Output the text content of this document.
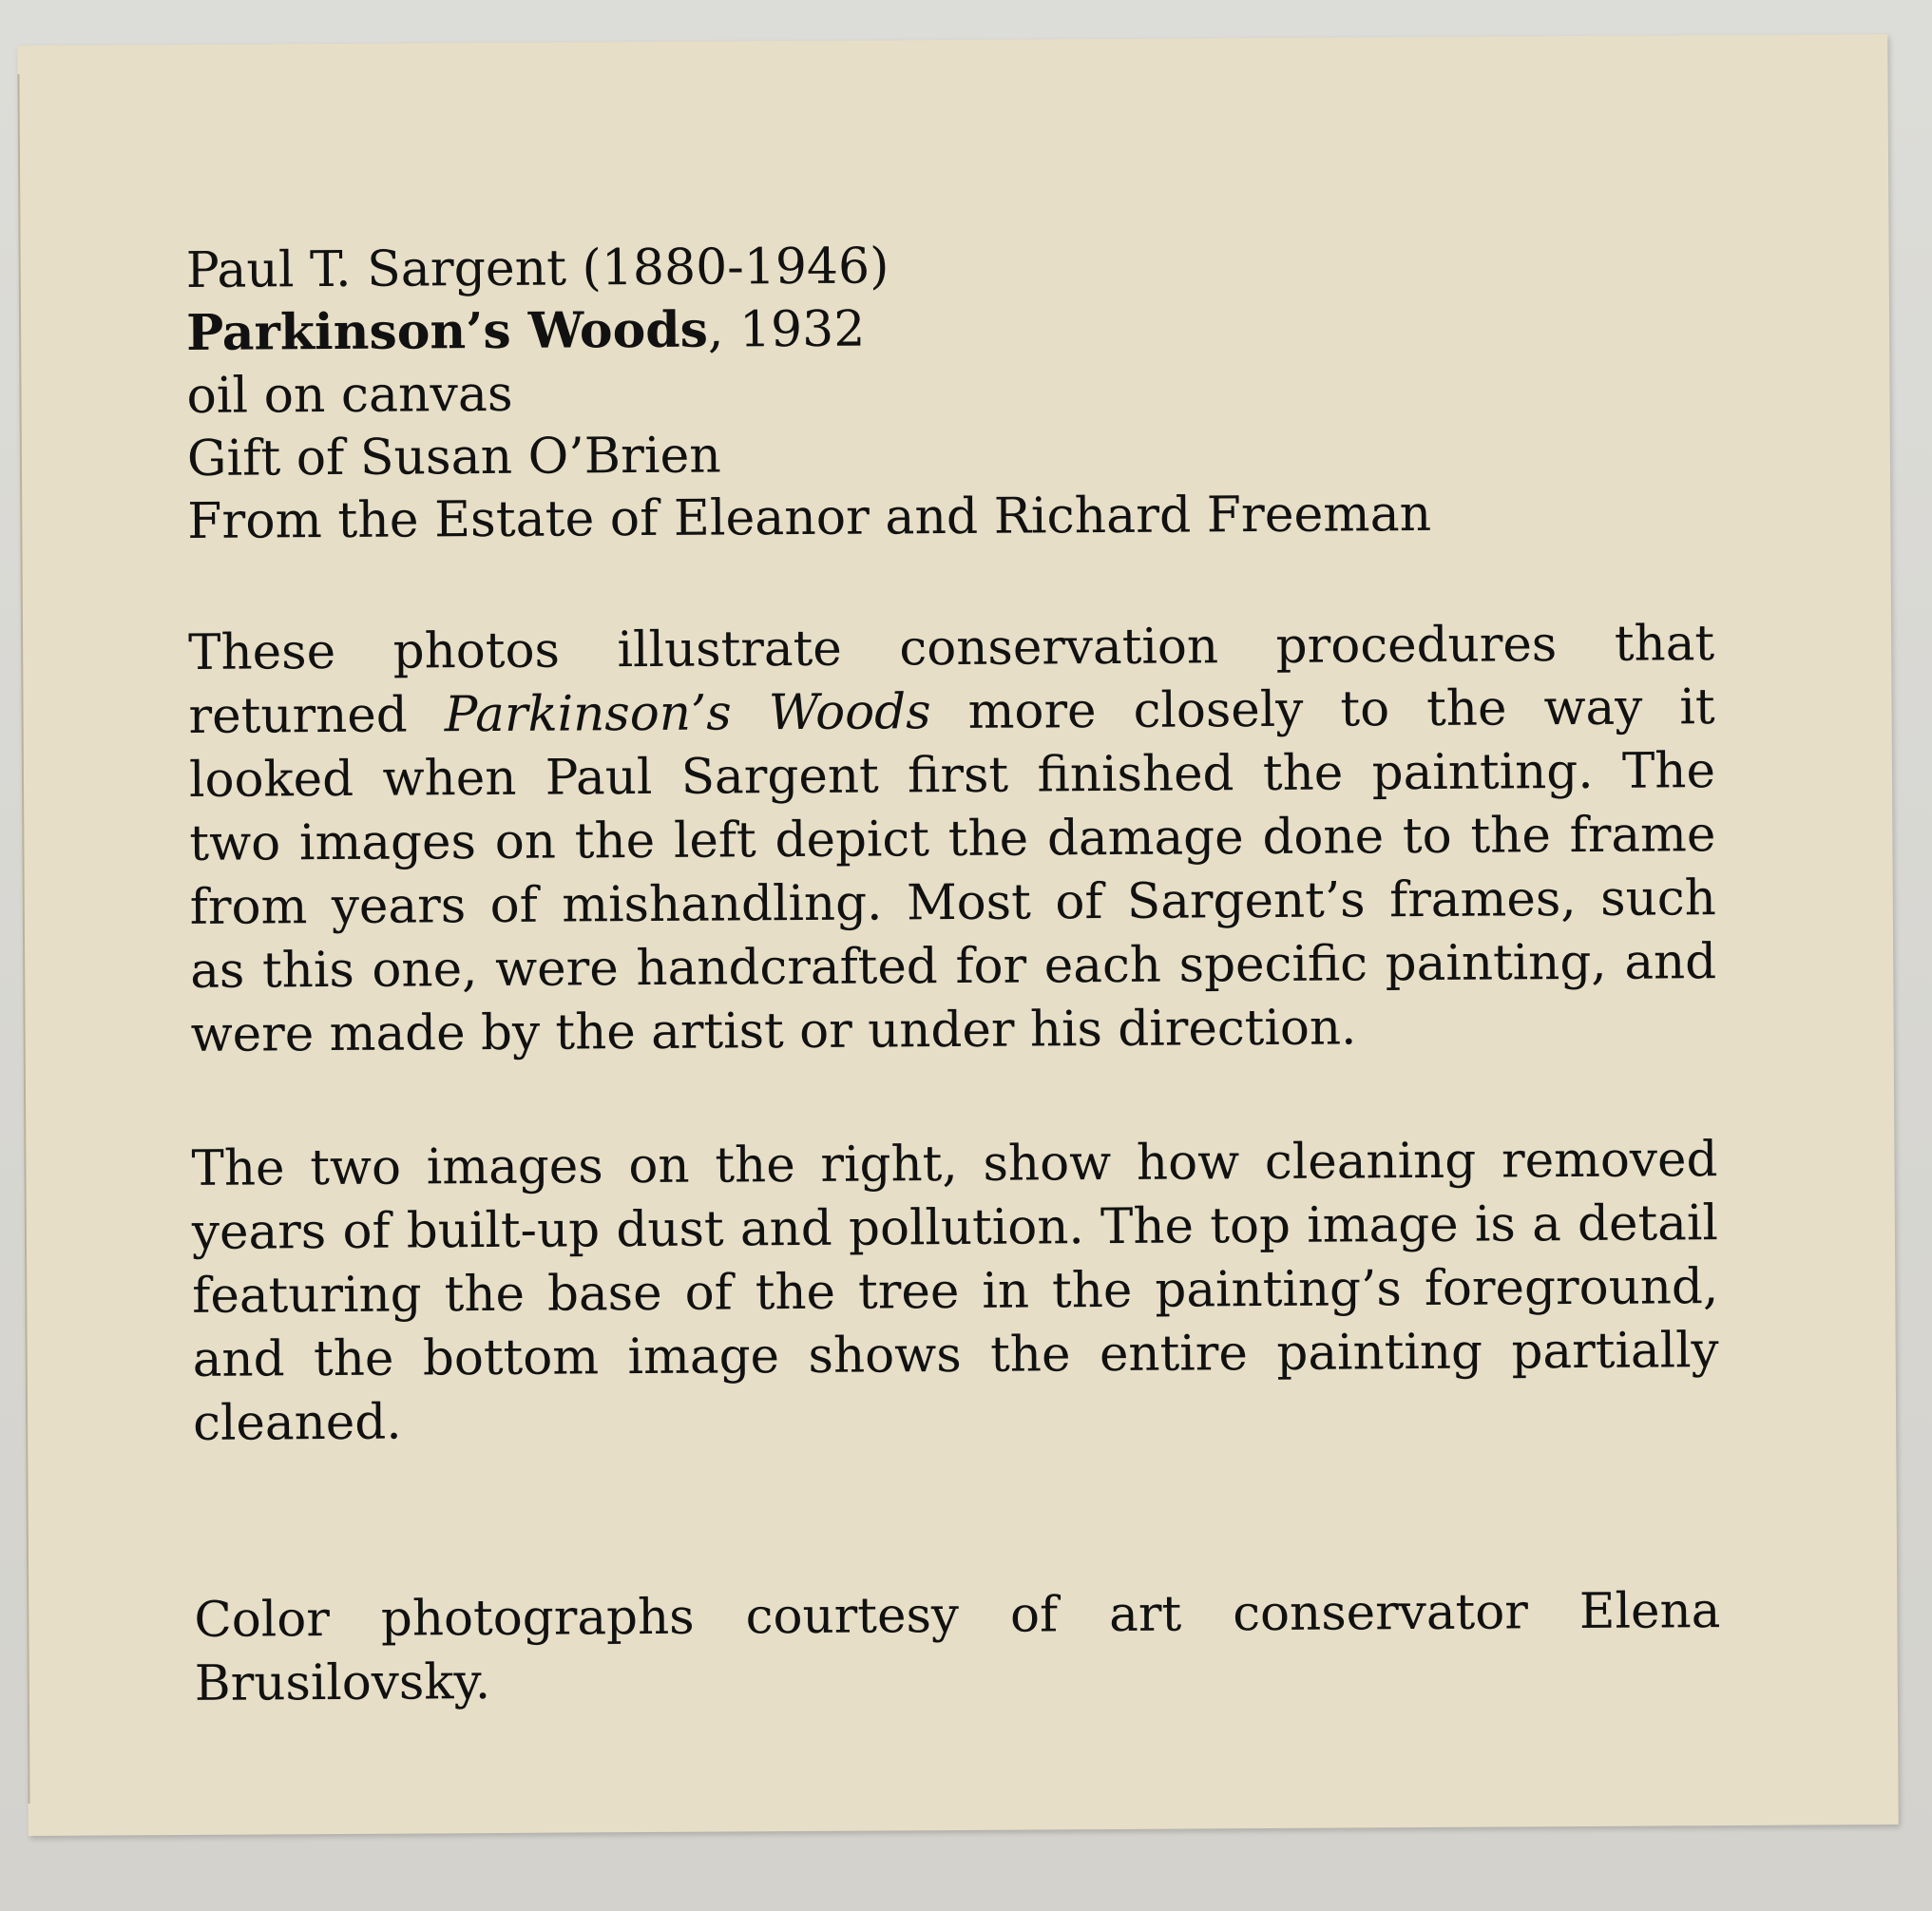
Paul T. Sargent (1880-1946)
Parkinson’s Woods, 1932
oil on canvas
Gift of Susan O’Brien
From the Estate of Eleanor and Richard Freeman
These photos illustrate conservation procedures that returned Parkinson’s Woods more closely to the way it looked when Paul Sargent first finished the painting. The two images on the left depict the damage done to the frame from years of mishandling. Most of Sargent’s frames, such as this one, were handcrafted for each specific painting, and were made by the artist or under his direction.
The two images on the right, show how cleaning removed years of built-up dust and pollution. The top image is a detail featuring the base of the tree in the painting’s foreground, and the bottom image shows the entire painting partially cleaned.
Color photographs courtesy of art conservator Elena Brusilovsky.
